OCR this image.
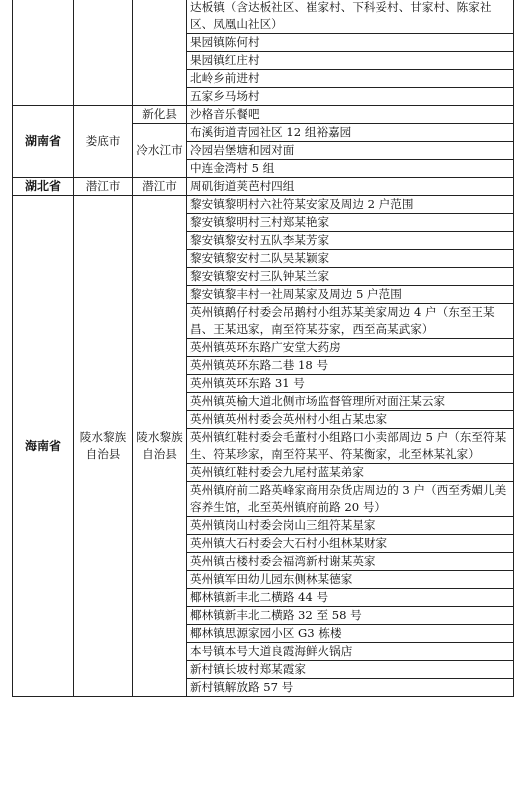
			达板镇（含达板社区、崔家村、下科妥村、甘家村、陈家社区、凤凰山社区）
			果园镇陈何村
			果园镇红庄村
			北岭乡前进村
			五家乡马场村
湖南省	娄底市	新化县	沙格音乐餐吧
		冷水江市	布溪街道青园社区 12 组裕嘉园
			冷园岩堡塘和园对面
			中连金湾村 5 组
湖北省	潜江市	潜江市	周矶街道荚芭村四组
海南省	陵水黎族自治县	陵水黎族自治县	黎安镇黎明村六社符某安家及周边 2 户范围
			黎安镇黎明村三村郑某艳家
			黎安镇黎安村五队李某芳家
			黎安镇黎安村二队吴某颖家
			黎安镇黎安村三队钟某兰家
			黎安镇黎丰村一社周某家及周边 5 户范围
			英州镇鹅仔村委会吊鹅村小组苏某美家周边 4 户（东至王某昌、王某迅家，南至符某芬家，西至高某武家）
			英州镇英环东路广安堂大药房
			英州镇英环东路二巷 18 号
			英州镇英环东路 31 号
			英州镇英榆大道北侧市场监督管理所对面汪某云家
			英州镇英州村委会英州村小组占某忠家
			英州镇红鞋村委会毛董村小组路口小卖部周边 5 户（东至符某生、符某珍家，南至符某平、符某衡家，北至林某礼家）
			英州镇红鞋村委会九尾村蓝某弟家
			英州镇府前二路英峰家商用杂货店周边的 3 户（西至秀媚儿美容养生馆，北至英州镇府前路 20 号）
			英州镇岗山村委会岗山三组符某星家
			英州镇大石村委会大石村小组林某财家
			英州镇古楼村委会福湾新村谢某英家
			英州镇军田幼儿园东侧林某德家
			椰林镇新丰北二横路 44 号
			椰林镇新丰北二横路 32 至 58 号
			椰林镇思源家园小区 G3 栋楼
			本号镇本号大道良霞海鲜火锅店
			新村镇长坡村郑某霞家
			新村镇解放路 57 号
